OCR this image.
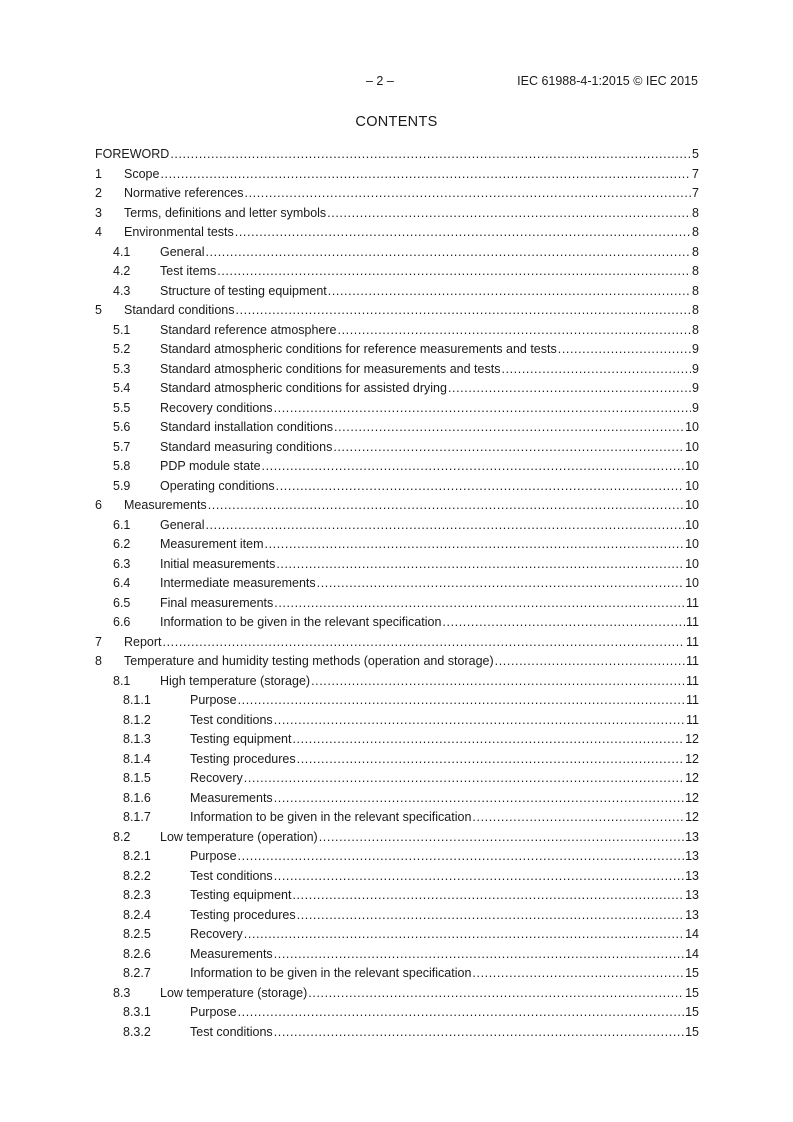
– 2 –	IEC 61988-4-1:2015 © IEC 2015
CONTENTS
FOREWORD .....	5
1 Scope .....	7
2 Normative references .....	7
3 Terms, definitions and letter symbols .....	8
4 Environmental tests .....	8
4.1 General .....	8
4.2 Test items .....	8
4.3 Structure of testing equipment .....	8
5 Standard conditions .....	8
5.1 Standard reference atmosphere .....	8
5.2 Standard atmospheric conditions for reference measurements and tests .....	9
5.3 Standard atmospheric conditions for measurements and tests .....	9
5.4 Standard atmospheric conditions for assisted drying .....	9
5.5 Recovery conditions .....	9
5.6 Standard installation conditions .....	10
5.7 Standard measuring conditions .....	10
5.8 PDP module state .....	10
5.9 Operating conditions .....	10
6 Measurements .....	10
6.1 General .....	10
6.2 Measurement item .....	10
6.3 Initial measurements .....	10
6.4 Intermediate measurements .....	10
6.5 Final measurements .....	11
6.6 Information to be given in the relevant specification .....	11
7 Report .....	11
8 Temperature and humidity testing methods (operation and storage) .....	11
8.1 High temperature (storage) .....	11
8.1.1	Purpose .....	11
8.1.2	Test conditions .....	11
8.1.3	Testing equipment .....	12
8.1.4	Testing procedures .....	12
8.1.5	Recovery .....	12
8.1.6	Measurements .....	12
8.1.7	Information to be given in the relevant specification .....	12
8.2 Low temperature (operation) .....	13
8.2.1	Purpose .....	13
8.2.2	Test conditions .....	13
8.2.3	Testing equipment .....	13
8.2.4	Testing procedures .....	13
8.2.5	Recovery .....	14
8.2.6	Measurements .....	14
8.2.7	Information to be given in the relevant specification .....	15
8.3 Low temperature (storage) .....	15
8.3.1	Purpose .....	15
8.3.2	Test conditions .....	15
